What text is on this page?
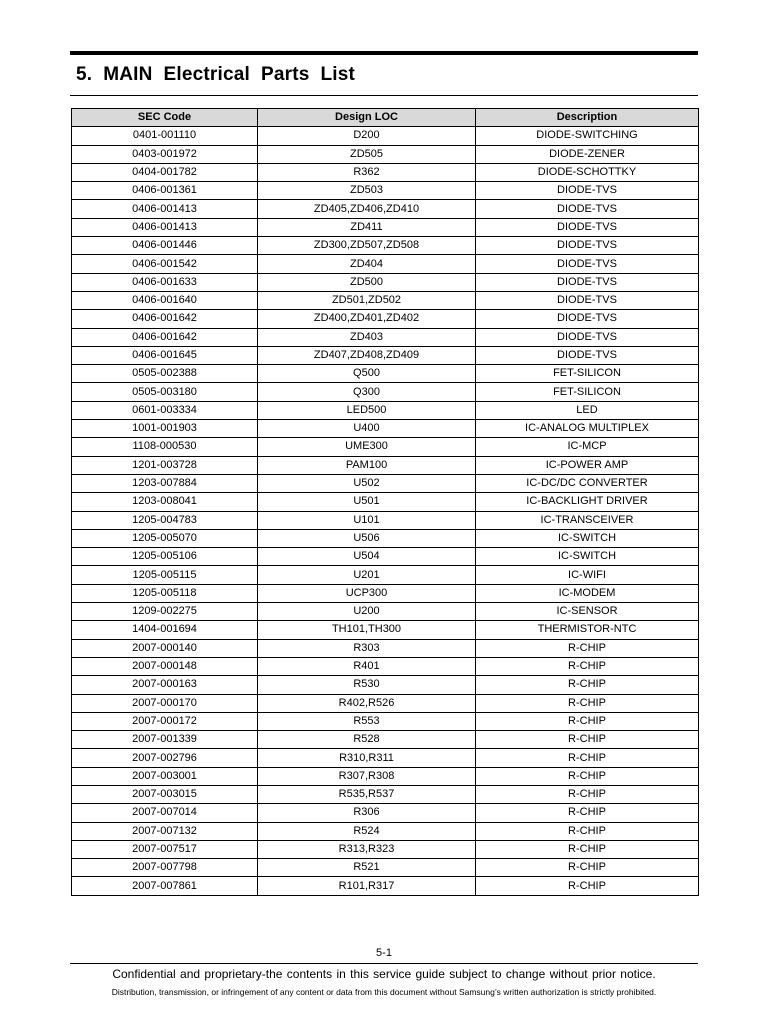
5.  MAIN  Electrical  Parts  List
SEC Code	Design LOC	Description
0401-001110	D200	DIODE-SWITCHING
0403-001972	ZD505	DIODE-ZENER
0404-001782	R362	DIODE-SCHOTTKY
0406-001361	ZD503	DIODE-TVS
0406-001413	ZD405,ZD406,ZD410	DIODE-TVS
0406-001413	ZD411	DIODE-TVS
0406-001446	ZD300,ZD507,ZD508	DIODE-TVS
0406-001542	ZD404	DIODE-TVS
0406-001633	ZD500	DIODE-TVS
0406-001640	ZD501,ZD502	DIODE-TVS
0406-001642	ZD400,ZD401,ZD402	DIODE-TVS
0406-001642	ZD403	DIODE-TVS
0406-001645	ZD407,ZD408,ZD409	DIODE-TVS
0505-002388	Q500	FET-SILICON
0505-003180	Q300	FET-SILICON
0601-003334	LED500	LED
1001-001903	U400	IC-ANALOG MULTIPLEX
1108-000530	UME300	IC-MCP
1201-003728	PAM100	IC-POWER AMP
1203-007884	U502	IC-DC/DC CONVERTER
1203-008041	U501	IC-BACKLIGHT DRIVER
1205-004783	U101	IC-TRANSCEIVER
1205-005070	U506	IC-SWITCH
1205-005106	U504	IC-SWITCH
1205-005115	U201	IC-WIFI
1205-005118	UCP300	IC-MODEM
1209-002275	U200	IC-SENSOR
1404-001694	TH101,TH300	THERMISTOR-NTC
2007-000140	R303	R-CHIP
2007-000148	R401	R-CHIP
2007-000163	R530	R-CHIP
2007-000170	R402,R526	R-CHIP
2007-000172	R553	R-CHIP
2007-001339	R528	R-CHIP
2007-002796	R310,R311	R-CHIP
2007-003001	R307,R308	R-CHIP
2007-003015	R535,R537	R-CHIP
2007-007014	R306	R-CHIP
2007-007132	R524	R-CHIP
2007-007517	R313,R323	R-CHIP
2007-007798	R521	R-CHIP
2007-007861	R101,R317	R-CHIP
5-1
Confidential and proprietary-the contents in this service guide subject to change without prior notice.
Distribution, transmission, or infringement of any content or data from this document without Samsung’s written authorization is strictly prohibited.
